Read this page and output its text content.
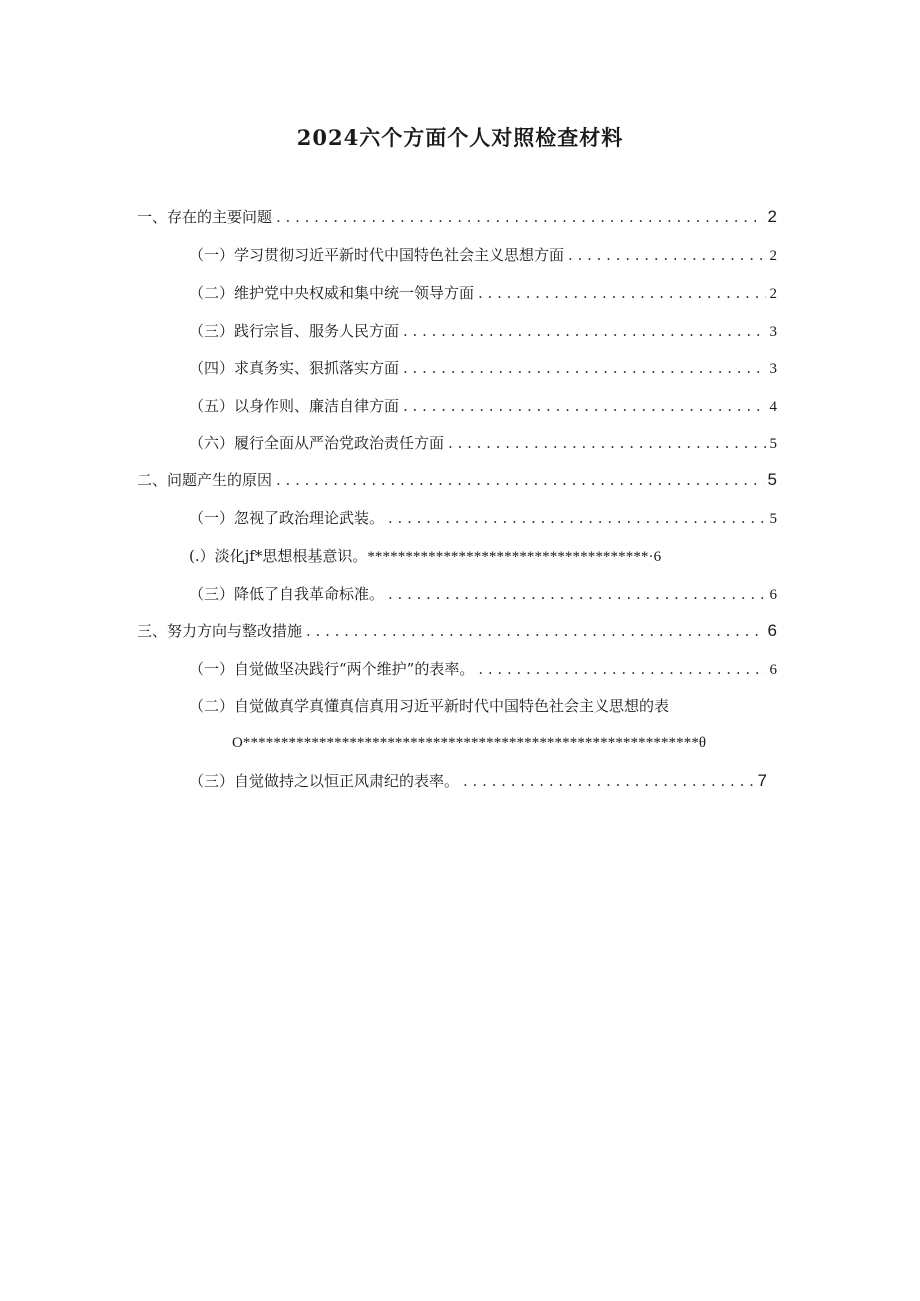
2024六个方面个人对照检查材料
一、存在的主要问题 . . .	2
（一）学习贯彻习近平新时代中国特色社会主义思想方面 . . .	2
（二）维护党中央权威和集中统一领导方面 . . .	2
（三）践行宗旨、服务人民方面 . . .	3
（四）求真务实、狠抓落实方面 . . .	3
（五）以身作则、廉洁自律方面 . . .	4
（六）履行全面从严治党政治责任方面 . . .	5
二、问题产生的原因 . . .	5
（一）忽视了政治理论武装。 . . .	5
(.）淡化jf*思想根基意识。 *************************************·6
（三）降低了自我革命标准。 . . .	6
三、努力方向与整改措施 . . .	6
（一）自觉做坚决践行“两个维护”的表率。 . . .	6
（二）自觉做真学真懂真信真用习近平新时代中国特色社会主义思想的表
O************************************************************θ
（三）自觉做持之以恒正风肃纪的表率。 . . .	7
